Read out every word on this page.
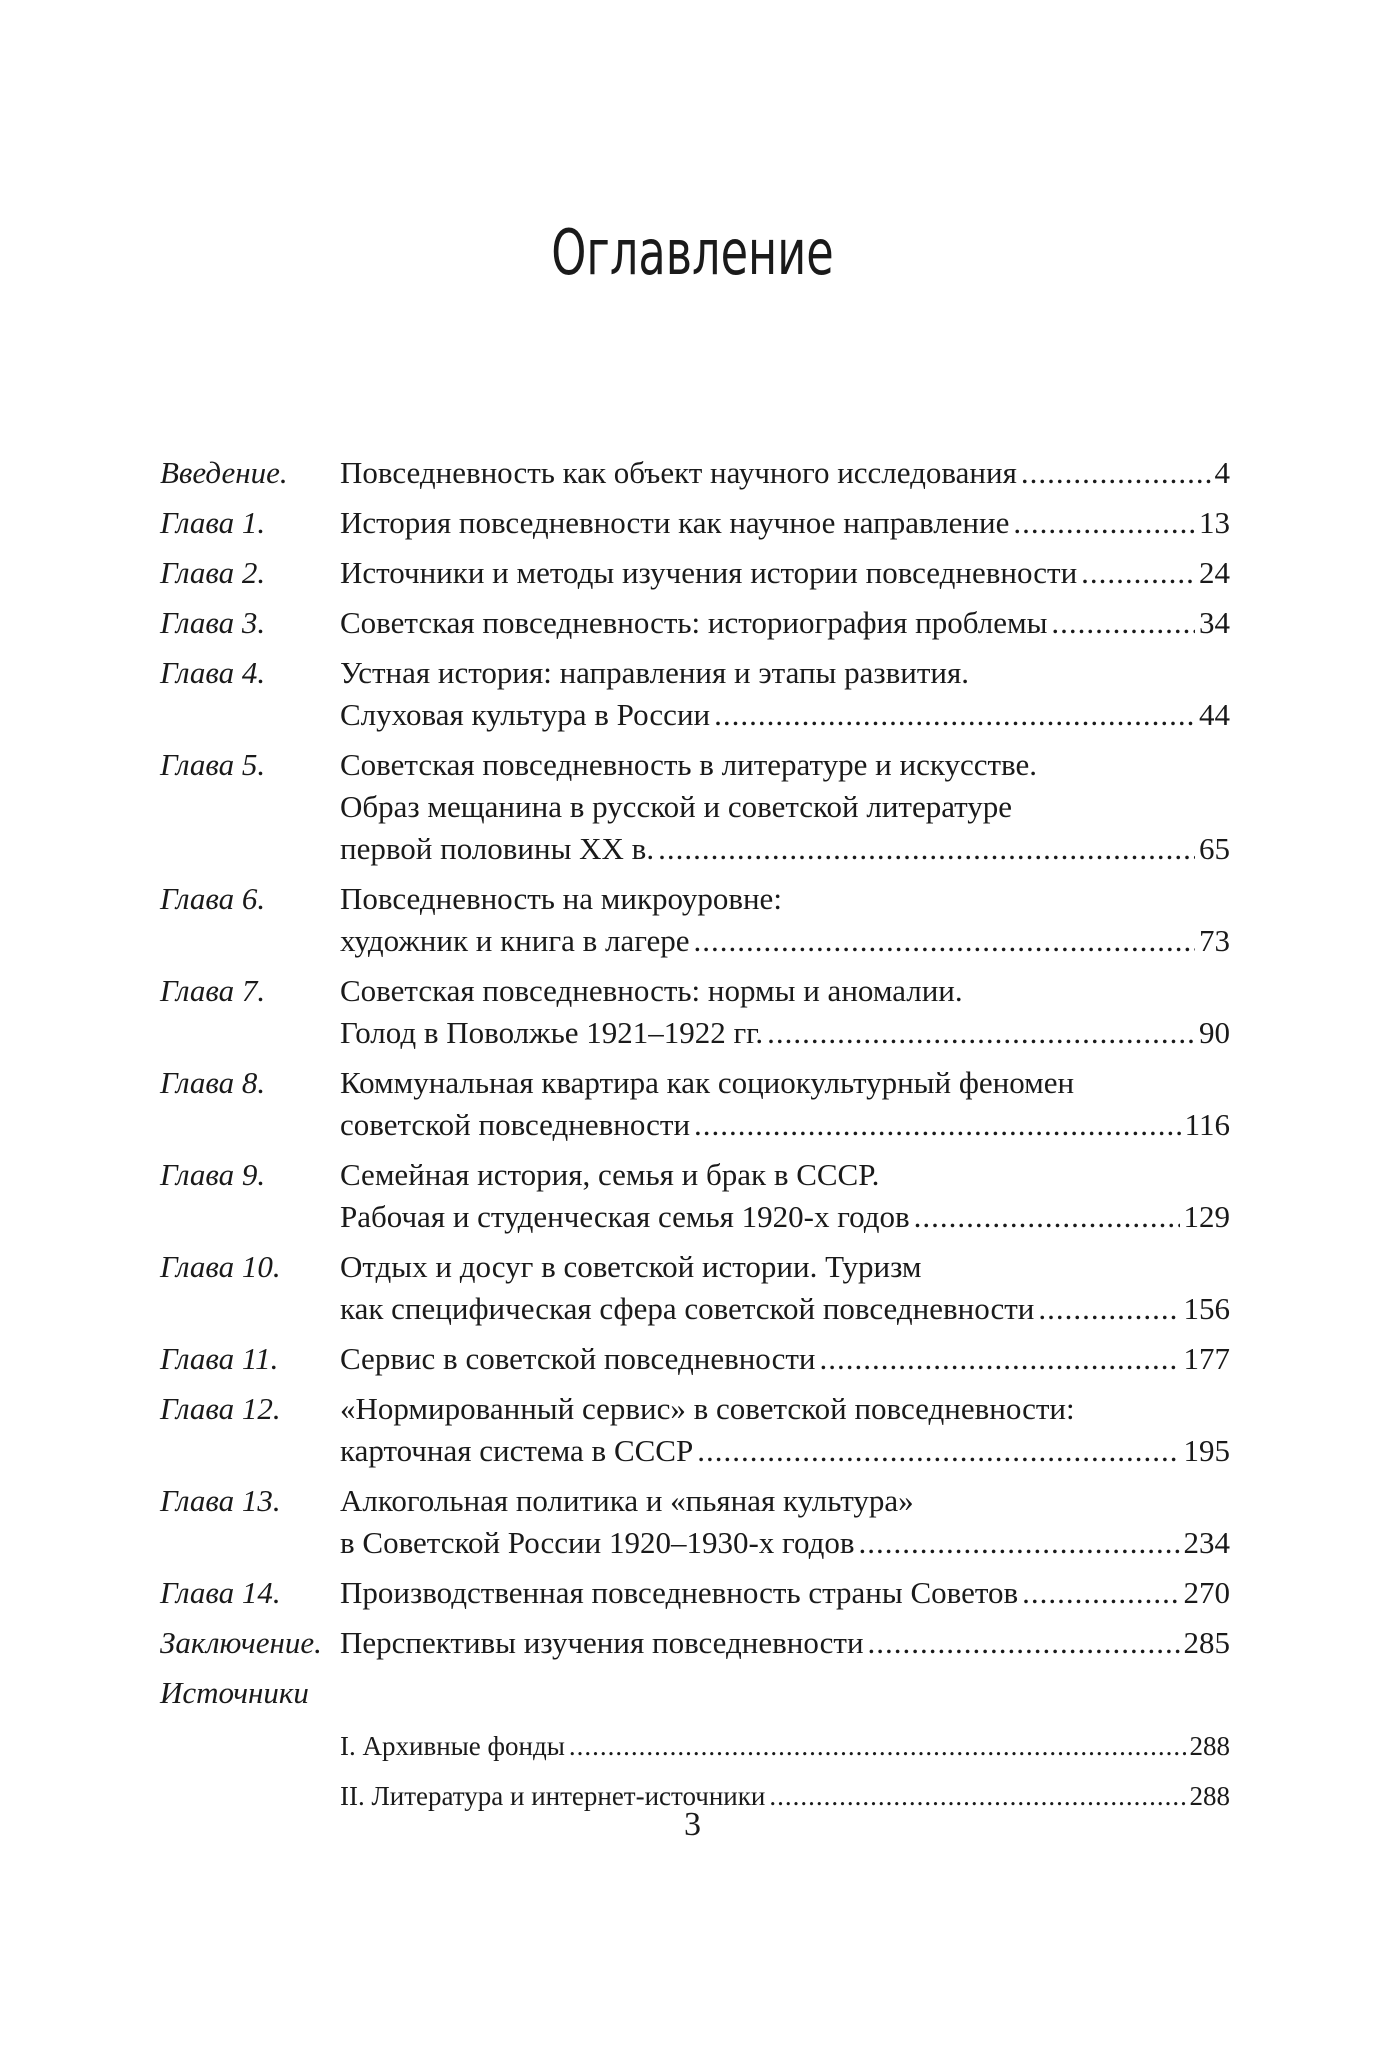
Оглавление
Введение.	Повседневность как объект научного исследования .....	4
Глава 1.	История повседневности как научное направление .....	13
Глава 2.	Источники и методы изучения истории повседневности .....	24
Глава 3.	Советская повседневность: историография проблемы .....	34
Глава 4.	Устная история: направления и этапы развития.
Слуховая культура в России .....	44
Глава 5.	Советская повседневность в литературе и искусстве.
Образ мещанина в русской и советской литературе
первой половины XX в. .....	65
Глава 6.	Повседневность на микроуровне:
художник и книга в лагере .....	73
Глава 7.	Советская повседневность: нормы и аномалии.
Голод в Поволжье 1921–1922 гг. .....	90
Глава 8.	Коммунальная квартира как социокультурный феномен
советской повседневности .....	116
Глава 9.	Семейная история, семья и брак в СССР.
Рабочая и студенческая семья 1920-х годов .....	129
Глава 10.	Отдых и досуг в советской истории. Туризм
как специфическая сфера советской повседневности .....	156
Глава 11.	Сервис в советской повседневности .....	177
Глава 12.	«Нормированный сервис» в советской повседневности:
карточная система в СССР .....	195
Глава 13.	Алкогольная политика и «пьяная культура»
в Советской России 1920–1930-х годов .....	234
Глава 14.	Производственная повседневность страны Советов .....	270
Заключение. Перспективы изучения повседневности .....	285
Источники
I. Архивные фонды .....	288
II. Литература и интернет-источники .....	288
3
